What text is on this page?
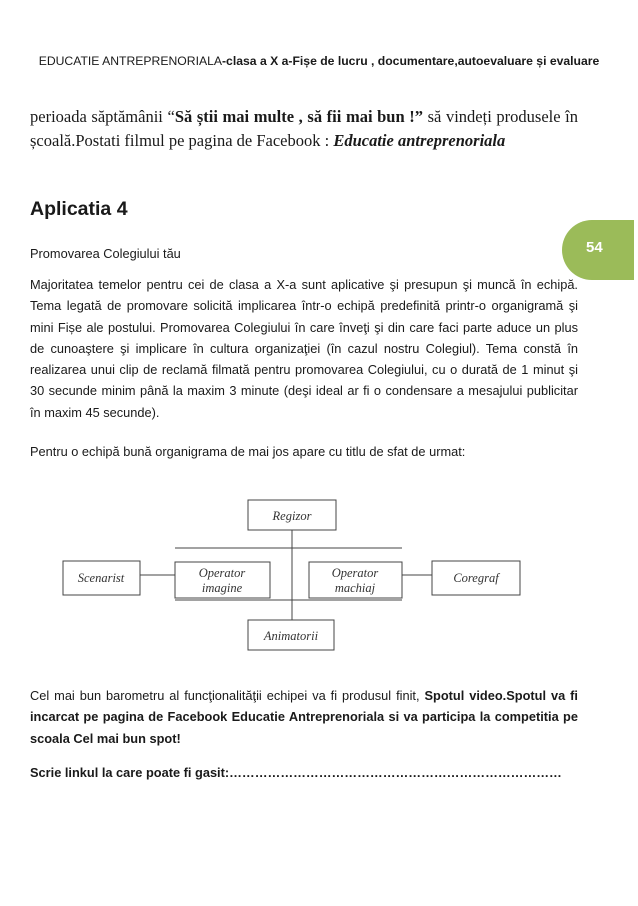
EDUCATIE ANTREPRENORIALA-clasa a X a-Fișe de lucru , documentare,autoevaluare și evaluare
perioada săptămânii “Să știi mai multe , să fii mai bun !” să vindeți produsele în școală.Postati filmul pe pagina de Facebook : Educatie antreprenoriala
Aplicatia 4
54
Promovarea Colegiului tău
Majoritatea temelor pentru cei de clasa a X-a sunt aplicative şi presupun şi muncă în echipă. Tema legată de promovare solicită implicarea într-o echipă predefinită printr-o organigramă şi mini Fișe ale postului. Promovarea Colegiului în care înveţi şi din care faci parte aduce un plus de cunoaştere şi implicare în cultura organizaţiei (în cazul nostru Colegiul). Tema constă în realizarea unui clip de reclamă filmată pentru promovarea Colegiului, cu o durată de 1 minut şi 30 secunde minim până la maxim 3 minute (deşi ideal ar fi o condensare a mesajului publicitar în maxim 45 secunde).
Pentru o echipă bună organigrama de mai jos apare cu titlu de sfat de urmat:
Regizor
Scenarist	Operator
imagine
Operator
machiaj
Coregraf
Animatorii
Cel mai bun barometru al funcţionalităţii echipei va fi produsul finit, Spotul video.Spotul va fi incarcat pe pagina de Facebook Educatie Antreprenoriala si va participa la competitia pe scoala Cel mai bun spot!
Scrie linkul la care poate fi gasit:……………………………………………………………………
